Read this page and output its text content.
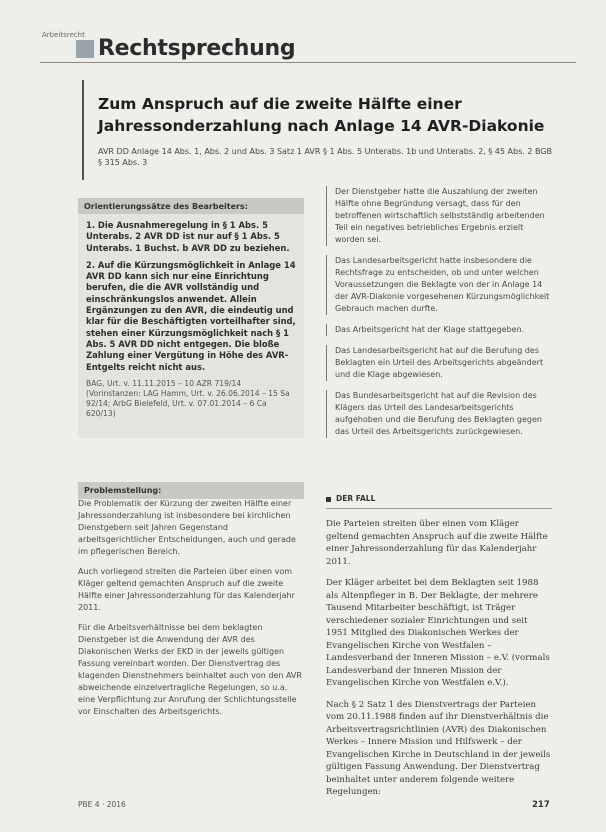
Arbeitsrecht
Rechtsprechung
Zum Anspruch auf die zweite Hälfte einer Jahressonderzahlung nach Anlage 14 AVR-Diakonie
AVR DD Anlage 14 Abs. 1, Abs. 2 und Abs. 3 Satz 1 AVR § 1 Abs. 5 Unterabs. 1b und Unterabs. 2, § 45 Abs. 2 BGB § 315 Abs. 3
Orientierungssätze des Bearbeiters:

1. Die Ausnahmeregelung in § 1 Abs. 5 Unterabs. 2 AVR DD ist nur auf § 1 Abs. 5 Unterabs. 1 Buchst. b AVR DD zu beziehen.

2. Auf die Kürzungsmöglichkeit in Anlage 14 AVR DD kann sich nur eine Einrichtung berufen, die die AVR vollständig und einschränkungslos anwendet. Allein Ergänzungen zu den AVR, die eindeutig und klar für die Beschäftigten vorteilhafter sind, stehen einer Kürzungsmöglichkeit nach § 1 Abs. 5 AVR DD nicht entgegen. Die bloße Zahlung einer Vergütung in Höhe des AVR-Entgelts reicht nicht aus.

BAG, Urt. v. 11.11.2015 – 10 AZR 719/14 (Vorinstanzen: LAG Hamm, Urt. v. 26.06.2014 – 15 Sa 92/14; ArbG Bielefeld, Urt. v. 07.01.2014 – 6 Ca 620/13)

Problemstellung:

Die Problematik der Kürzung der zweiten Hälfte einer Jahressonderzahlung ist insbesondere bei kirchlichen Dienstgebern seit Jahren Gegenstand arbeitsgerichtlicher Entscheidungen, auch und gerade im pflegerischen Bereich.

Auch vorliegend streiten die Parteien über einen vom Kläger geltend gemachten Anspruch auf die zweite Hälfte einer Jahressonderzahlung für das Kalenderjahr 2011.

Für die Arbeitsverhältnisse bei dem beklagten Dienstgeber ist die Anwendung der AVR des Diakonischen Werks der EKD in der jeweils gültigen Fassung vereinbart worden. Der Dienstvertrag des klagenden Dienstnehmers beinhaltet auch von den AVR abweichende einzelvertragliche Regelungen, so u.a. eine Verpflichtung zur Anrufung der Schlichtungsstelle vor Einschalten des Arbeitsgerichts.

Der Dienstgeber hatte die Auszahlung der zweiten Hälfte ohne Begründung versagt, dass für den betroffenen wirtschaftlich selbstständig arbeitenden Teil ein negatives betriebliches Ergebnis erzielt worden sei.

Das Landesarbeitsgericht hatte insbesondere die Rechtsfrage zu entscheiden, ob und unter welchen Voraussetzungen die Beklagte von der in Anlage 14 der AVR-Diakonie vorgesehenen Kürzungsmöglichkeit Gebrauch machen durfte.

Das Arbeitsgericht hat der Klage stattgegeben.

Das Landesarbeitsgericht hat auf die Berufung des Beklagten ein Urteil des Arbeitsgerichts abgeändert und die Klage abgewiesen.

Das Bundesarbeitsgericht hat auf die Revision des Klägers das Urteil des Landesarbeitsgerichts aufgehoben und die Berufung des Beklagten gegen das Urteil des Arbeitsgerichts zurückgewiesen.

DER FALL

Die Parteien streiten über einen vom Kläger geltend gemachten Anspruch auf die zweite Hälfte einer Jahressonderzahlung für das Kalenderjahr 2011.

Der Kläger arbeitet bei dem Beklagten seit 1988 als Altenpfleger in B. Der Beklagte, der mehrere Tausend Mitarbeiter beschäftigt, ist Träger verschiedener sozialer Einrichtungen und seit 1951 Mitglied des Diakonischen Werkes der Evangelischen Kirche von Westfalen – Landesverband der Inneren Mission – e.V. (vormals Landesverband der Inneren Mission der Evangelischen Kirche von Westfalen e.V.).

Nach § 2 Satz 1 des Dienstvertrags der Parteien vom 20.11.1988 finden auf ihr Dienstverhältnis die Arbeitsvertragsrichtlinien (AVR) des Diakonischen Werkes – Innere Mission und Hilfswerk – der Evangelischen Kirche in Deutschland in der jeweils gültigen Fassung Anwendung. Der Dienstvertrag beinhaltet unter anderem folgende weitere Regelungen:

PBE 4 · 2016	217
